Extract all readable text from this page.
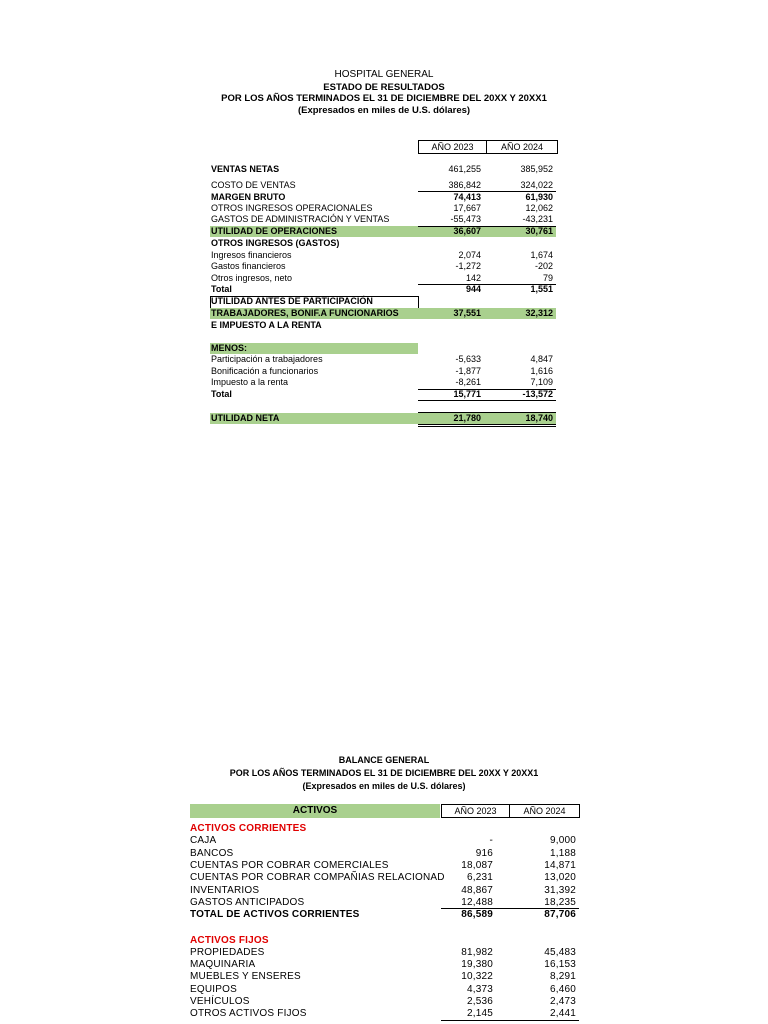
HOSPITAL GENERAL
ESTADO DE RESULTADOS
POR LOS AÑOS TERMINADOS EL 31 DE DICIEMBRE DEL 20XX Y 20XX1
(Expresados en miles de U.S. dólares)
AÑO 2023	AÑO 2024
VENTAS NETAS	461,255	385,952
COSTO DE VENTAS	386,842	324,022
MARGEN BRUTO	74,413	61,930
OTROS INGRESOS OPERACIONALES	17,667	12,062
GASTOS DE ADMINISTRACIÓN Y VENTAS	-55,473	-43,231
UTILIDAD DE OPERACIONES	36,607	30,761
OTROS INGRESOS (GASTOS)
Ingresos financieros	2,074	1,674
Gastos financieros	-1,272	-202
Otros ingresos, neto	142	79
Total	944	1,551
UTILIDAD ANTES DE PARTICIPACIÓN
TRABAJADORES, BONIF.A FUNCIONARIOS	37,551	32,312
E IMPUESTO A LA RENTA
MENOS:
Participación a trabajadores	-5,633	4,847
Bonificación a funcionarios	-1,877	1,616
Impuesto a la renta	-8,261	7,109
Total	15,771	-13,572
UTILIDAD NETA	21,780	18,740
BALANCE GENERAL
POR LOS AÑOS TERMINADOS EL 31 DE DICIEMBRE DEL 20XX Y 20XX1
(Expresados en miles de U.S. dólares)
ACTIVOS	AÑO 2023	AÑO 2024
ACTIVOS CORRIENTES
CAJA	-	9,000
BANCOS	916	1,188
CUENTAS POR COBRAR COMERCIALES	18,087	14,871
CUENTAS POR COBRAR COMPAÑIAS RELACIONAD	6,231	13,020
INVENTARIOS	48,867	31,392
GASTOS ANTICIPADOS	12,488	18,235
TOTAL DE ACTIVOS CORRIENTES	86,589	87,706
ACTIVOS FIJOS
PROPIEDADES	81,982	45,483
MAQUINARIA	19,380	16,153
MUEBLES Y ENSERES	10,322	8,291
EQUIPOS	4,373	6,460
VEHÍCULOS	2,536	2,473
OTROS ACTIVOS FIJOS	2,145	2,441
